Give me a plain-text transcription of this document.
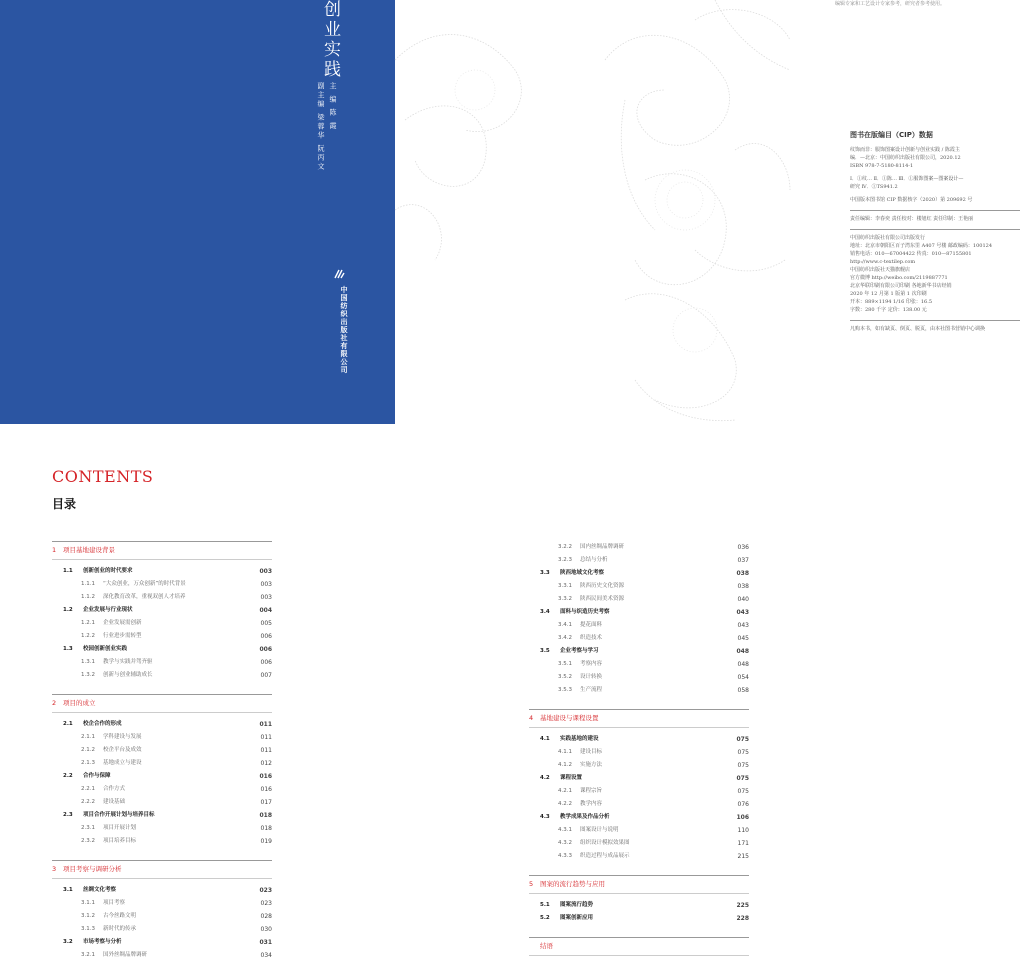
创业实践
主 编 陈 霞
副主编 梁蓉华 阮丙文
中国纺织出版社有限公司
编辑专家和工艺设计专家参考，研究者参考使用。
图书在版编目（CIP）数据
纹饰而非：服饰图案设计创新与创业实践 / 陈霞主
编．—北京：中国纺织出版社有限公司，2020.12
ISBN 978-7-5180-8114-1
Ⅰ．①纹… Ⅱ．①陈… Ⅲ．①服饰图案—图案设计—
研究 Ⅳ．①TS941.2
中国版本图书馆 CIP 数据核字（2020）第 209692 号
责任编辑：李春奕 责任校对：楼旭红 责任印制：王艳丽
中国纺织出版社有限公司出版发行
地址：北京市朝阳区百子湾东里 A407 号楼 邮政编码：100124
销售电话：010—67004422 传真：010—87155801
http://www.c-textilep.com
中国纺织出版社天猫旗舰店
官方微博 http://weibo.com/2119887771
北京华联印刷有限公司印刷 各地新华书店经销
2020 年 12 月第 1 版第 1 次印刷
开本：889×1194 1/16 印张：16.5
字数：280 千字 定价：138.00 元
凡购本书，如有缺页、倒页、脱页，由本社图书营销中心调换
CONTENTS
目录
1 项目基地建设背景
1.1 创新创业的时代要求	003
1.1.1 “大众创业，万众创新”的时代背景	003
1.1.2 深化教育改革，重视双创人才培养	003
1.2 企业发展与行业现状	004
1.2.1 企业发展需创新	005
1.2.2 行业进步需转型	006
1.3 校园创新创业实践	006
1.3.1 教学与实践并驾齐驱	006
1.3.2 创新与创业辅助成长	007
2 项目的成立
2.1 校企合作的形成	011
2.1.1 学科建设与发展	011
2.1.2 校企平台及成效	011
2.1.3 基地成立与建设	012
2.2 合作与保障	016
2.2.1 合作方式	016
2.2.2 建设基础	017
2.3 项目合作开展计划与培养目标	018
2.3.1 项目开展计划	018
2.3.2 项目培养目标	019
3 项目考察与调研分析
3.1 丝绸文化考察	023
3.1.1 项目考察	023
3.1.2 古今丝路文明	028
3.1.3 新时代的传承	030
3.2 市场考察与分析	031
3.2.1 国外丝绸品牌调研	034
3.2.2 国内丝绸品牌调研	036
3.2.3 总结与分析	037
3.3 陕西地域文化考察	038
3.3.1 陕西历史文化资源	038
3.3.2 陕西民间美术资源	040
3.4 面料与织造历史考察	043
3.4.1 提花面料	043
3.4.2 织造技术	045
3.5 企业考察与学习	048
3.5.1 考察内容	048
3.5.2 设计转换	054
3.5.3 生产流程	058
4 基地建设与课程设置
4.1 实践基地的建设	075
4.1.1 建设目标	075
4.1.2 实施方法	075
4.2 课程设置	075
4.2.1 课程宗旨	075
4.2.2 教学内容	076
4.3 教学成果及作品分析	106
4.3.1 图案设计与说明	110
4.3.2 组织设计模拟效果图	171
4.3.3 织造过程与成品展示	215
5 图案的流行趋势与应用
5.1 图案流行趋势	225
5.2 图案创新应用	228
结语
